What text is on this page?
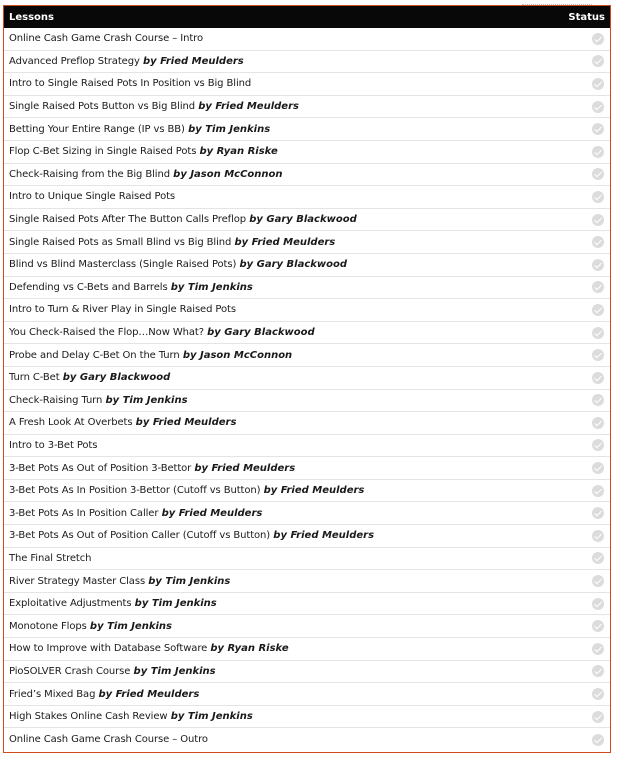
Lessons	Status
Online Cash Game Crash Course – Intro
Advanced Preflop Strategy by Fried Meulders
Intro to Single Raised Pots In Position vs Big Blind
Single Raised Pots Button vs Big Blind by Fried Meulders
Betting Your Entire Range (IP vs BB) by Tim Jenkins
Flop C-Bet Sizing in Single Raised Pots by Ryan Riske
Check-Raising from the Big Blind by Jason McConnon
Intro to Unique Single Raised Pots
Single Raised Pots After The Button Calls Preflop by Gary Blackwood
Single Raised Pots as Small Blind vs Big Blind by Fried Meulders
Blind vs Blind Masterclass (Single Raised Pots) by Gary Blackwood
Defending vs C-Bets and Barrels by Tim Jenkins
Intro to Turn & River Play in Single Raised Pots
You Check-Raised the Flop…Now What? by Gary Blackwood
Probe and Delay C-Bet On the Turn by Jason McConnon
Turn C-Bet by Gary Blackwood
Check-Raising Turn by Tim Jenkins
A Fresh Look At Overbets by Fried Meulders
Intro to 3-Bet Pots
3-Bet Pots As Out of Position 3-Bettor by Fried Meulders
3-Bet Pots As In Position 3-Bettor (Cutoff vs Button) by Fried Meulders
3-Bet Pots As In Position Caller by Fried Meulders
3-Bet Pots As Out of Position Caller (Cutoff vs Button) by Fried Meulders
The Final Stretch
River Strategy Master Class by Tim Jenkins
Exploitative Adjustments by Tim Jenkins
Monotone Flops by Tim Jenkins
How to Improve with Database Software by Ryan Riske
PioSOLVER Crash Course by Tim Jenkins
Fried’s Mixed Bag by Fried Meulders
High Stakes Online Cash Review by Tim Jenkins
Online Cash Game Crash Course – Outro
